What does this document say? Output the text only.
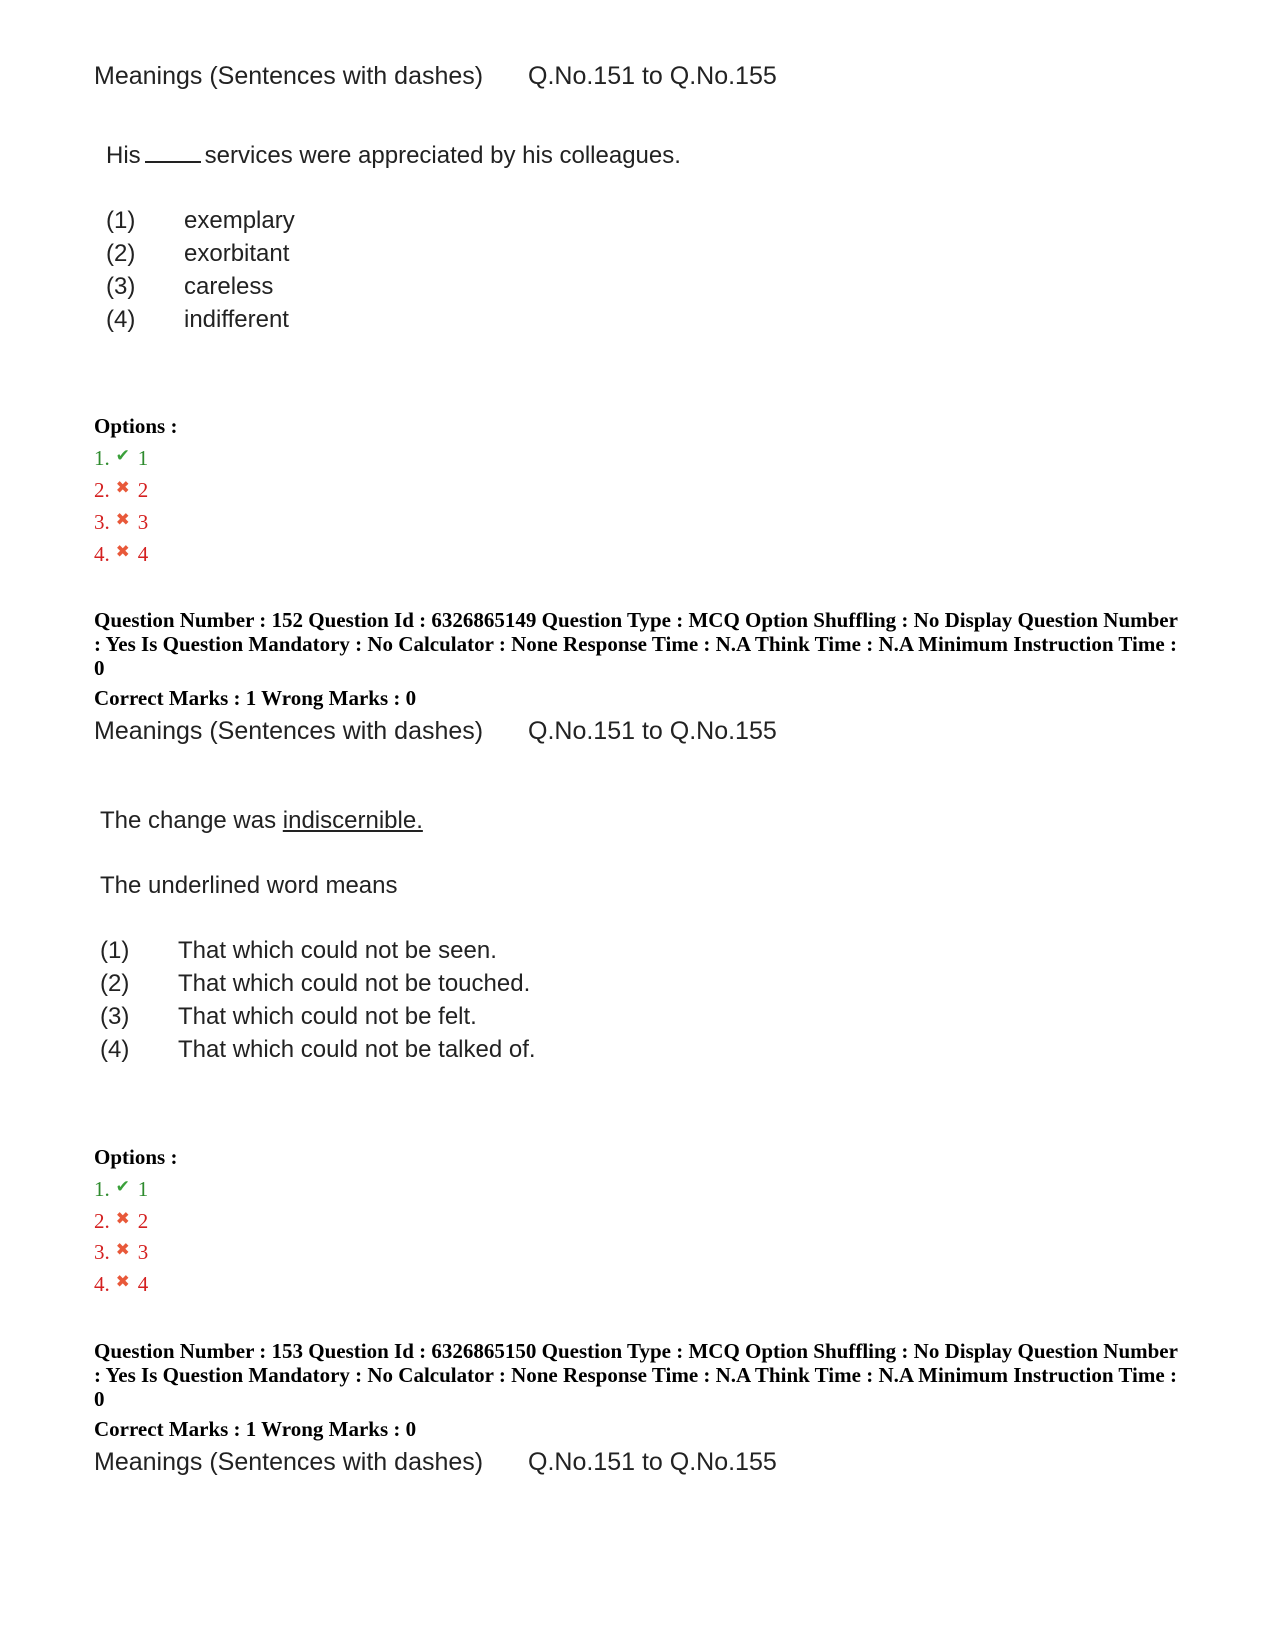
Meanings (Sentences with dashes) Q.No.151 to Q.No.155
His	services were appreciated by his colleagues.
(1) exemplary
(2) exorbitant
(3) careless
(4) indifferent
Options :
1. ✔ 1
2. ✖ 2
3. ✖ 3
4. ✖ 4
Question Number : 152 Question Id : 6326865149 Question Type : MCQ Option Shuffling : No Display Question Number : Yes Is Question Mandatory : No Calculator : None Response Time : N.A Think Time : N.A Minimum Instruction Time : 0
Correct Marks : 1 Wrong Marks : 0
Meanings (Sentences with dashes) Q.No.151 to Q.No.155
The change was indiscernible.
The underlined word means
(1) That which could not be seen.
(2) That which could not be touched.
(3) That which could not be felt.
(4) That which could not be talked of.
Options :
1. ✔ 1
2. ✖ 2
3. ✖ 3
4. ✖ 4
Question Number : 153 Question Id : 6326865150 Question Type : MCQ Option Shuffling : No Display Question Number : Yes Is Question Mandatory : No Calculator : None Response Time : N.A Think Time : N.A Minimum Instruction Time : 0
Correct Marks : 1 Wrong Marks : 0
Meanings (Sentences with dashes) Q.No.151 to Q.No.155
